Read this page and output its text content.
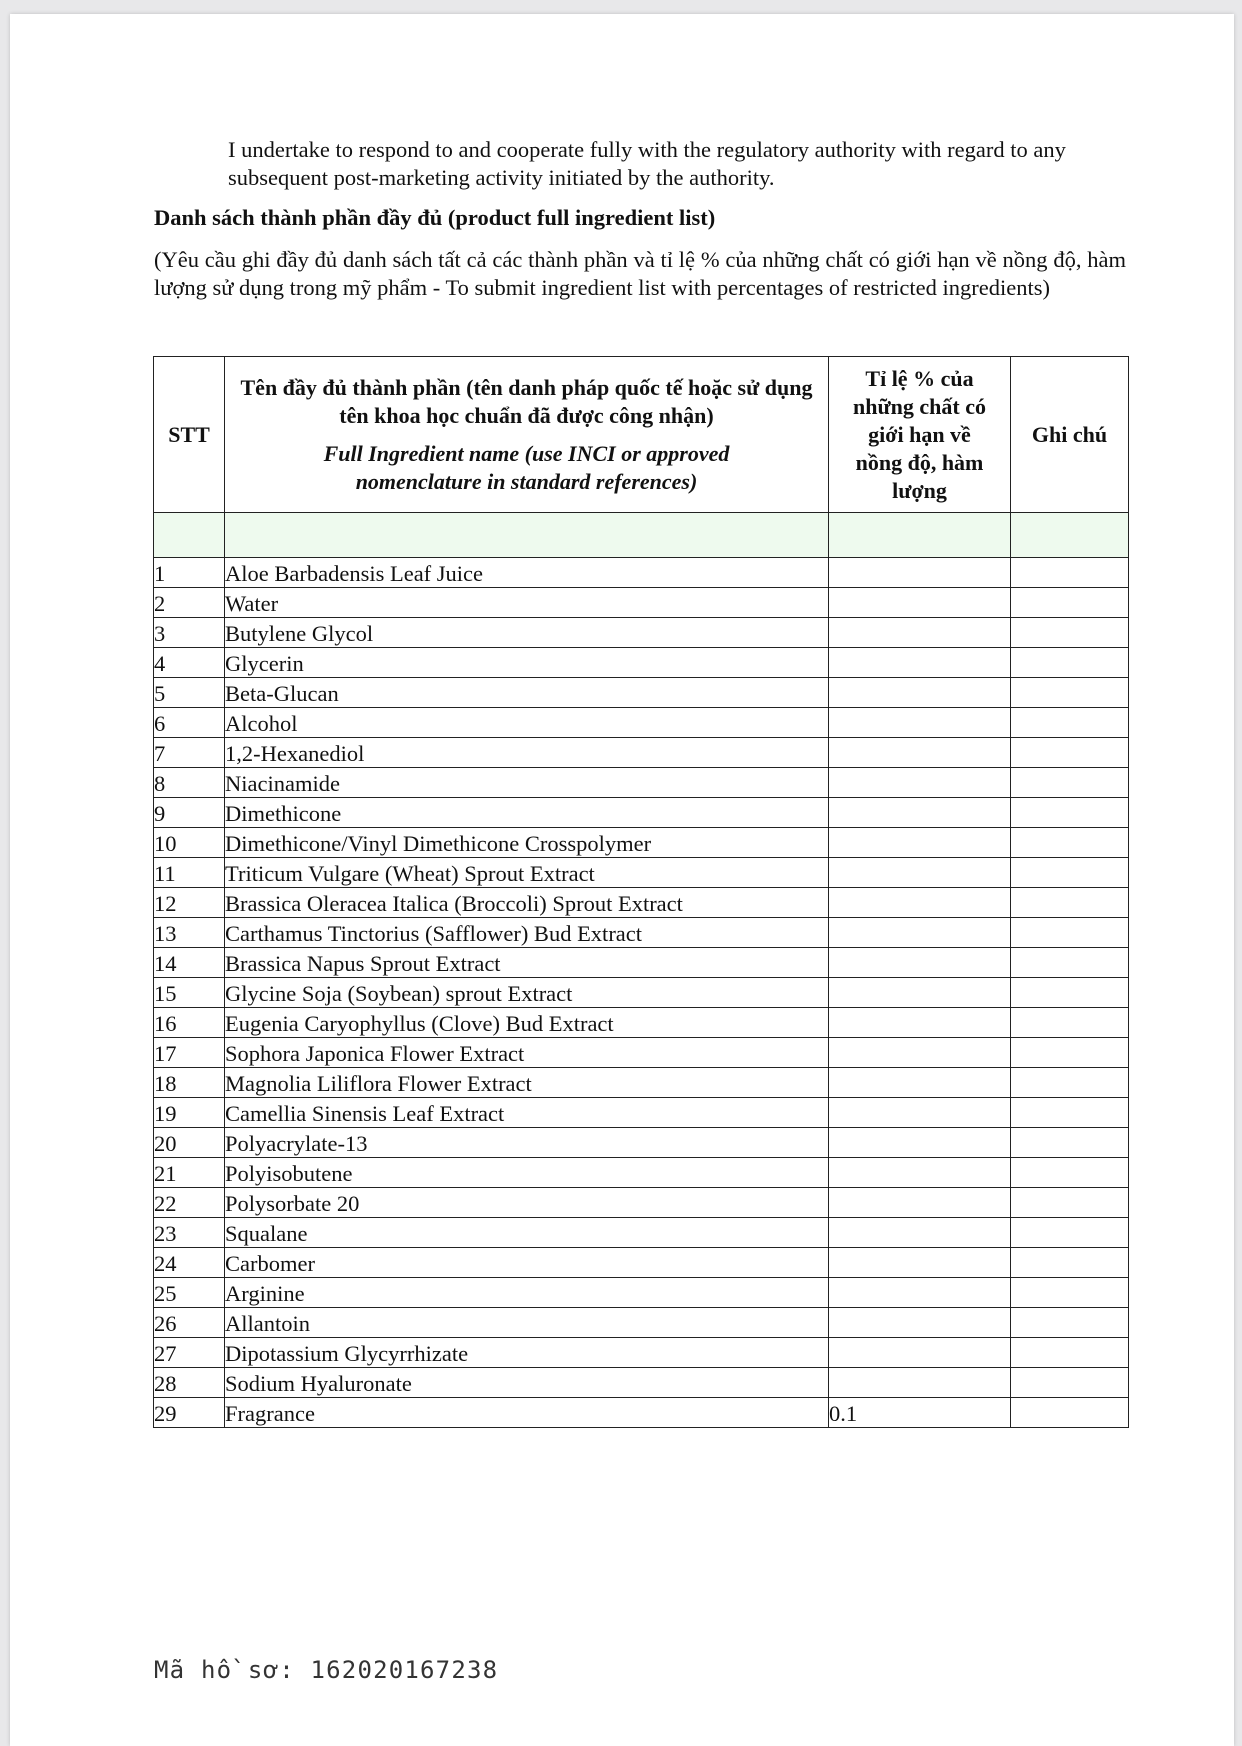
I undertake to respond to and cooperate fully with the regulatory authority with regard to any subsequent post-marketing activity initiated by the authority.
Danh sách thành phần đầy đủ (product full ingredient list)
(Yêu cầu ghi đầy đủ danh sách tất cả các thành phần và tỉ lệ % của những chất có giới hạn về nồng độ, hàm lượng sử dụng trong mỹ phẩm - To submit ingredient list with percentages of restricted ingredients)
STT	Tên đầy đủ thành phần (tên danh pháp quốc tế hoặc sử dụng tên khoa học chuẩn đã được công nhận)
Full Ingredient name (use INCI or approved nomenclature in standard references)	Tỉ lệ % của những chất có giới hạn về nồng độ, hàm lượng	Ghi chú

1	Aloe Barbadensis Leaf Juice		
2	Water		
3	Butylene Glycol		
4	Glycerin		
5	Beta-Glucan		
6	Alcohol		
7	1,2-Hexanediol		
8	Niacinamide		
9	Dimethicone		
10	Dimethicone/Vinyl Dimethicone Crosspolymer		
11	Triticum Vulgare (Wheat) Sprout Extract		
12	Brassica Oleracea Italica (Broccoli) Sprout Extract		
13	Carthamus Tinctorius (Safflower) Bud Extract		
14	Brassica Napus Sprout Extract		
15	Glycine Soja (Soybean) sprout Extract		
16	Eugenia Caryophyllus (Clove) Bud Extract		
17	Sophora Japonica Flower Extract		
18	Magnolia Liliflora Flower Extract		
19	Camellia Sinensis Leaf Extract		
20	Polyacrylate-13		
21	Polyisobutene		
22	Polysorbate 20		
23	Squalane		
24	Carbomer		
25	Arginine		
26	Allantoin		
27	Dipotassium Glycyrrhizate		
28	Sodium Hyaluronate		
29	Fragrance	0.1	
Mã hồ sơ: 162020167238
